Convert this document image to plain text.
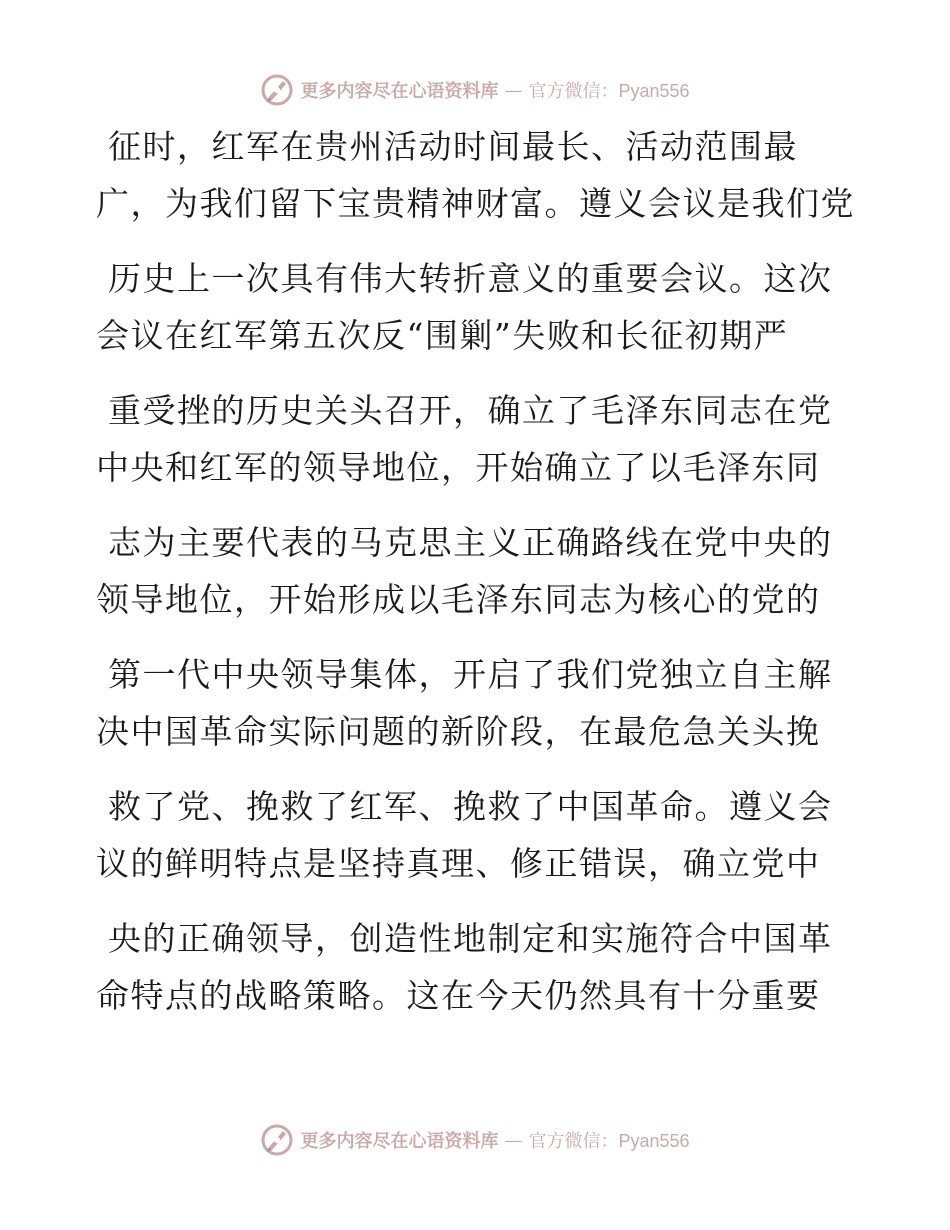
更多内容尽在心语资料库 — 官方微信：Pyan556
征时，红军在贵州活动时间最长、活动范围最
广，为我们留下宝贵精神财富。遵义会议是我们党
历史上一次具有伟大转折意义的重要会议。这次
会议在红军第五次反“围剿”失败和长征初期严
重受挫的历史关头召开，确立了毛泽东同志在党
中央和红军的领导地位，开始确立了以毛泽东同
志为主要代表的马克思主义正确路线在党中央的
领导地位，开始形成以毛泽东同志为核心的党的
第一代中央领导集体，开启了我们党独立自主解
决中国革命实际问题的新阶段，在最危急关头挽
救了党、挽救了红军、挽救了中国革命。遵义会
议的鲜明特点是坚持真理、修正错误，确立党中
央的正确领导，创造性地制定和实施符合中国革
命特点的战略策略。这在今天仍然具有十分重要
更多内容尽在心语资料库 — 官方微信：Pyan556
